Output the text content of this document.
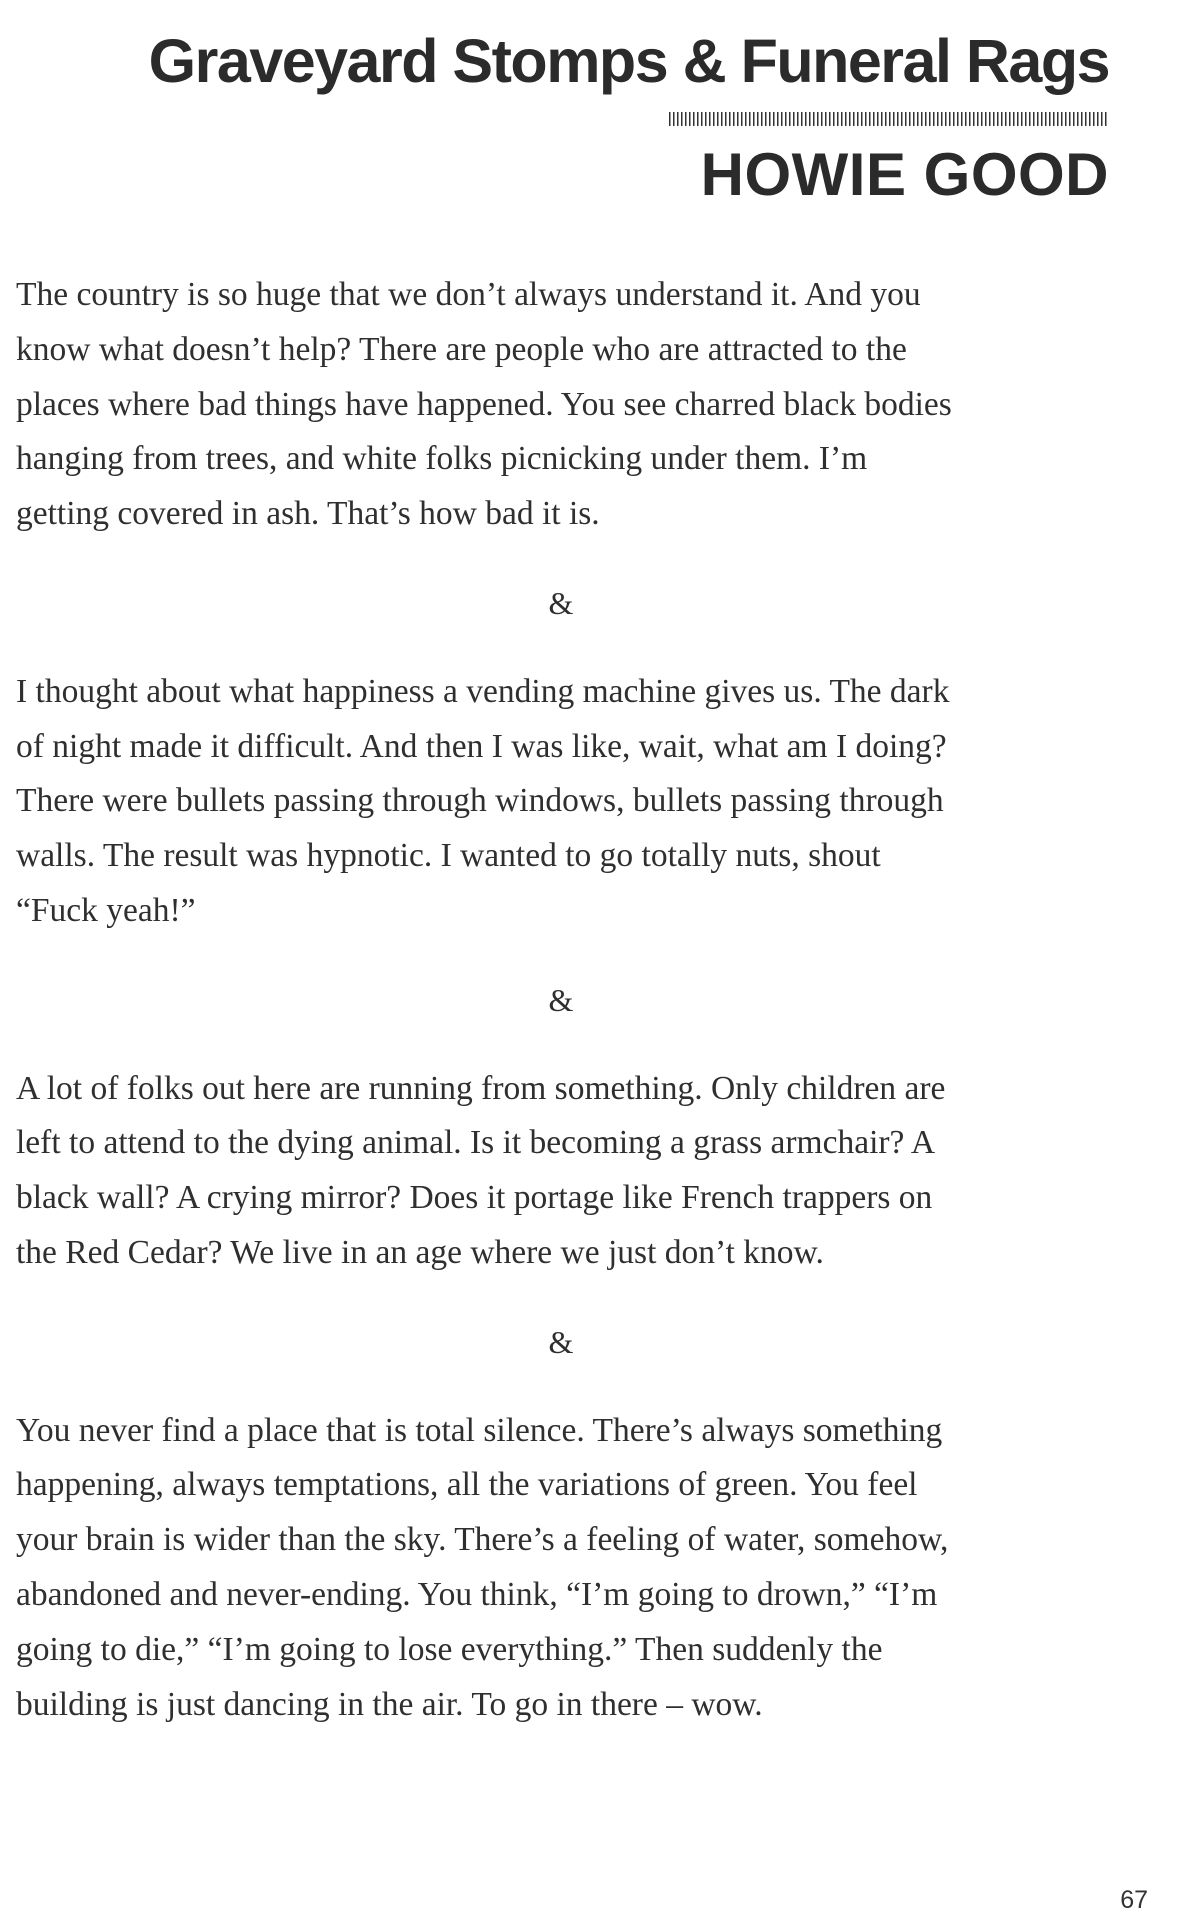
Graveyard Stomps & Funeral Rags
HOWIE GOOD

The country is so huge that we don’t always understand it. And you
know what doesn’t help? There are people who are attracted to the
places where bad things have happened. You see charred black bodies
hanging from trees, and white folks picnicking under them. I’m
getting covered in ash. That’s how bad it is.

&

I thought about what happiness a vending machine gives us. The dark
of night made it difficult. And then I was like, wait, what am I doing?
There were bullets passing through windows, bullets passing through
walls. The result was hypnotic. I wanted to go totally nuts, shout
“Fuck yeah!”

&

A lot of folks out here are running from something. Only children are
left to attend to the dying animal. Is it becoming a grass armchair? A
black wall? A crying mirror? Does it portage like French trappers on
the Red Cedar? We live in an age where we just don’t know.

&

You never find a place that is total silence. There’s always something
happening, always temptations, all the variations of green. You feel
your brain is wider than the sky. There’s a feeling of water, somehow,
abandoned and never-ending. You think, “I’m going to drown,” “I’m
going to die,” “I’m going to lose everything.” Then suddenly the
building is just dancing in the air. To go in there – wow.

67
